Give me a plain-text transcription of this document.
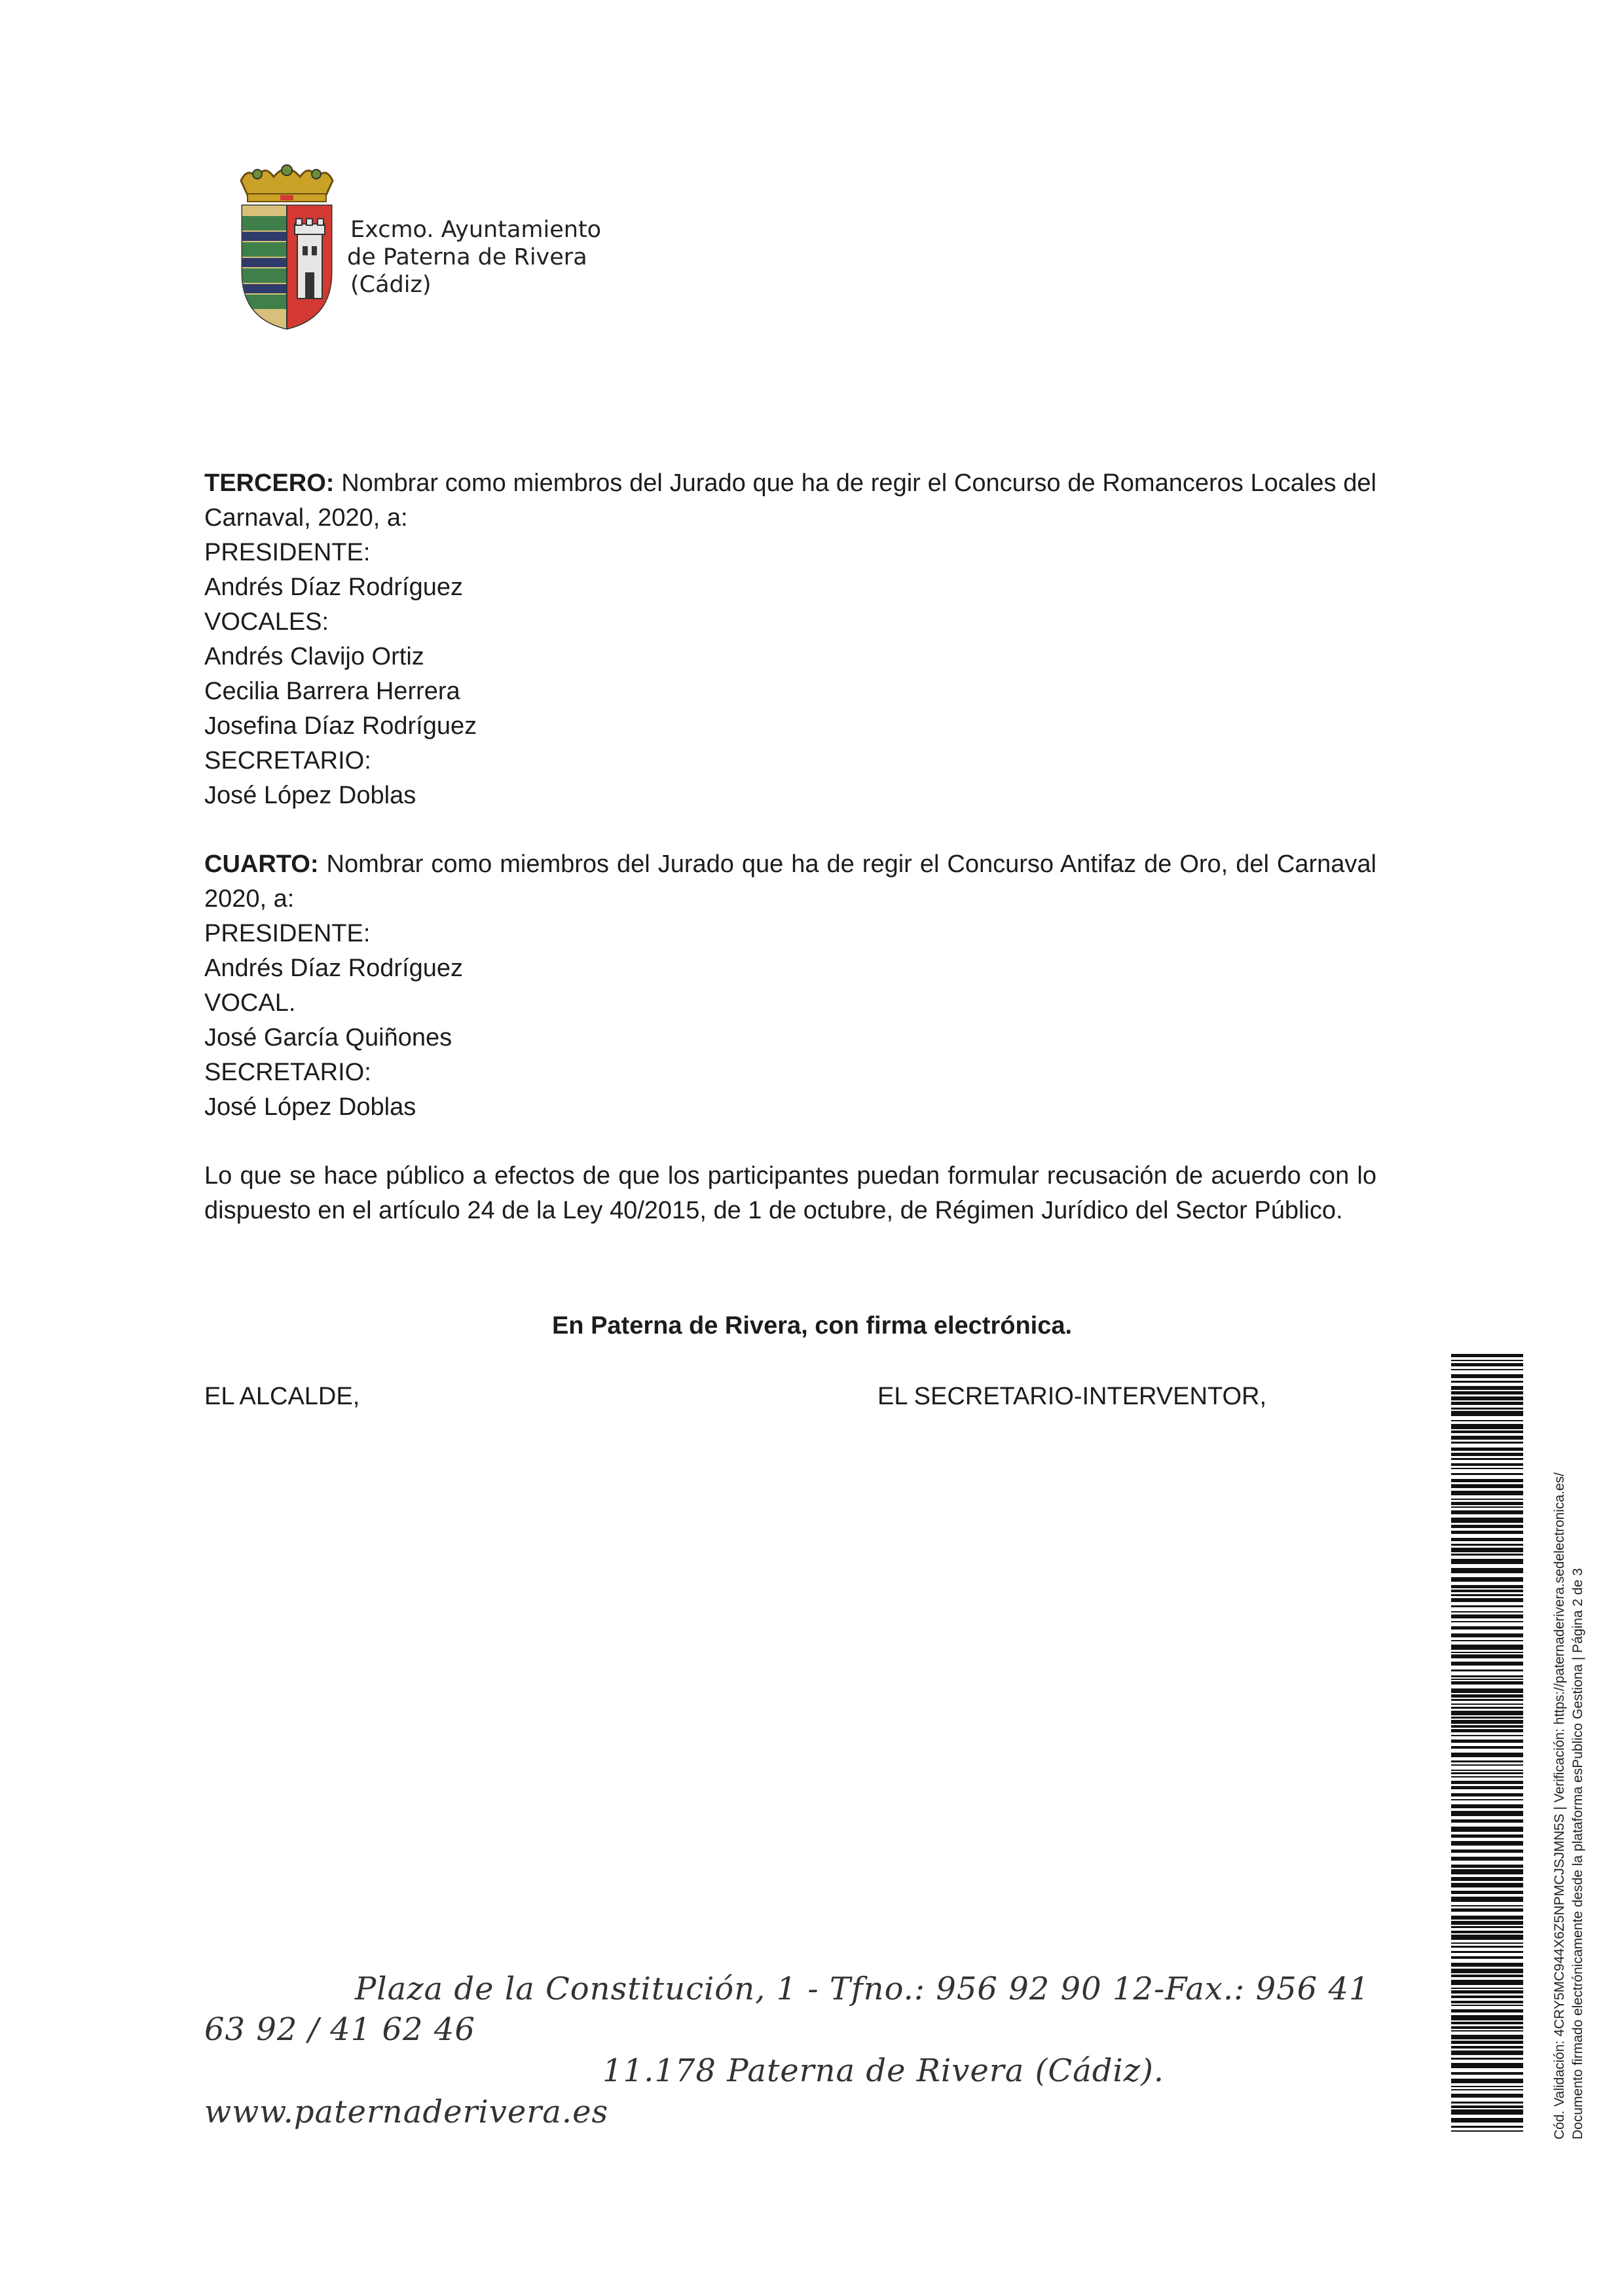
Excmo. Ayuntamiento
de Paterna de Rivera
(Cádiz)

TERCERO: Nombrar como miembros del Jurado que ha de regir el Concurso de Romanceros Locales del Carnaval, 2020, a:

PRESIDENTE:
Andrés Díaz Rodríguez
VOCALES:
Andrés Clavijo Ortiz
Cecilia Barrera Herrera
Josefina Díaz Rodríguez
SECRETARIO:
José López Doblas

CUARTO: Nombrar como miembros del Jurado que ha de regir el Concurso Antifaz de Oro, del Carnaval 2020, a:

PRESIDENTE:
Andrés Díaz Rodríguez
VOCAL.
José García Quiñones
SECRETARIO:
José López Doblas

Lo que se hace público a efectos de que los participantes puedan formular recusación de acuerdo con lo dispuesto en el artículo 24 de la Ley 40/2015, de 1 de octubre, de Régimen Jurídico del Sector Público.

En Paterna de Rivera, con firma electrónica.
EL ALCALDE,	EL SECRETARIO-INTERVENTOR,
Plaza de la Constitución, 1 - Tfno.: 956 92 90 12-Fax.: 956 41
63 92 / 41 62 46
11.178 Paterna de Rivera (Cádiz).
www.paternaderivera.es	Cód. Validación: 4CRY5MC944X6Z5NPMCJSJMN5S | Verificación: https://paternaderivera.sedelectronica.es/ Documento firmado electrónicamente desde la plataforma esPublico Gestiona | Página 2 de 3
